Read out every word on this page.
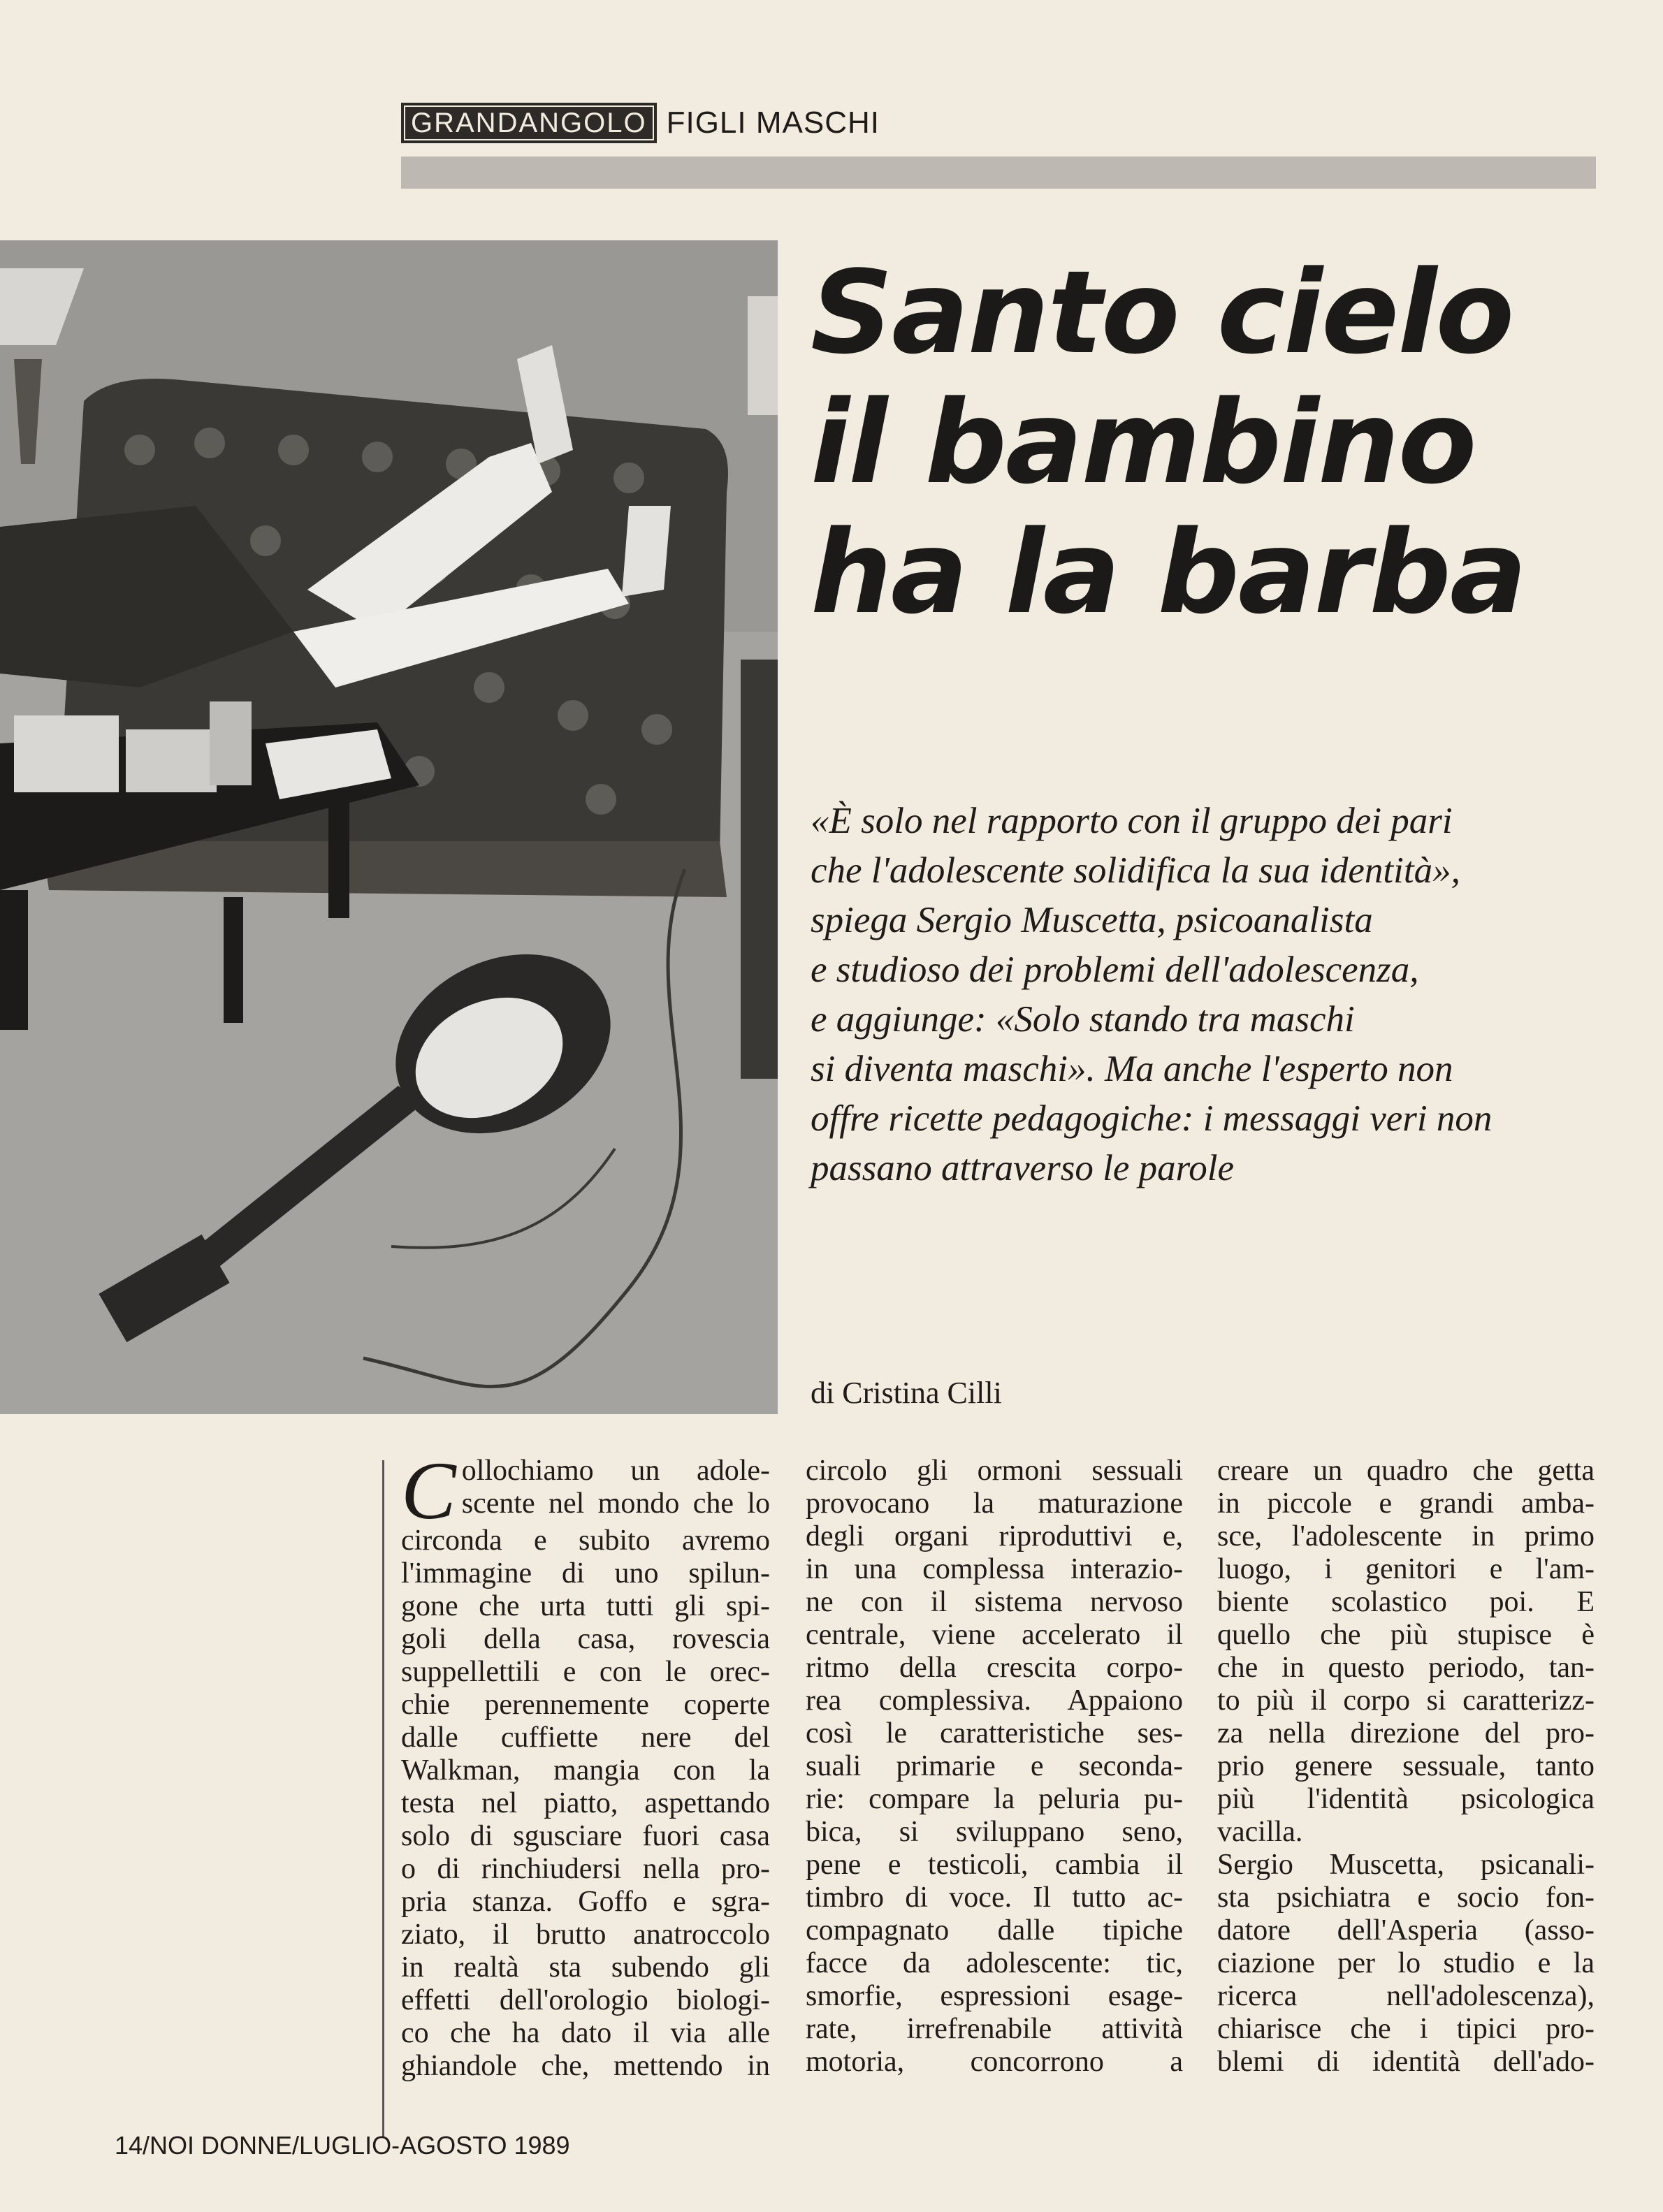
GRANDANGOLO FIGLI MASCHI
Santo cielo
il bambino
ha la barba
«È solo nel rapporto con il gruppo dei pari
che l'adolescente solidifica la sua identità»,
spiega Sergio Muscetta, psicoanalista
e studioso dei problemi dell'adolescenza,
e aggiunge: «Solo stando tra maschi
si diventa maschi». Ma anche l'esperto non
offre ricette pedagogiche: i messaggi veri non
passano attraverso le parole
di Cristina Cilli
C ollochiamo un adole-
scente nel mondo che lo
circonda e subito avremo
l'immagine di uno spilun-
gone che urta tutti gli spi-
goli della casa, rovescia
suppellettili e con le orec-
chie perennemente coperte
dalle cuffiette nere del
Walkman, mangia con la
testa nel piatto, aspettando
solo di sgusciare fuori casa
o di rinchiudersi nella pro-
pria stanza. Goffo e sgra-
ziato, il brutto anatroccolo
in realtà sta subendo gli
effetti dell'orologio biologi-
co che ha dato il via alle
ghiandole che, mettendo in
circolo gli ormoni sessuali
provocano la maturazione
degli organi riproduttivi e,
in una complessa interazio-
ne con il sistema nervoso
centrale, viene accelerato il
ritmo della crescita corpo-
rea complessiva. Appaiono
così le caratteristiche ses-
suali primarie e seconda-
rie: compare la peluria pu-
bica, si sviluppano seno,
pene e testicoli, cambia il
timbro di voce. Il tutto ac-
compagnato dalle tipiche
facce da adolescente: tic,
smorfie, espressioni esage-
rate, irrefrenabile attività
motoria, concorrono a
creare un quadro che getta
in piccole e grandi amba-
sce, l'adolescente in primo
luogo, i genitori e l'am-
biente scolastico poi. E
quello che più stupisce è
che in questo periodo, tan-
to più il corpo si caratterizz-
za nella direzione del pro-
prio genere sessuale, tanto
più l'identità psicologica
vacilla.
Sergio Muscetta, psicanali-
sta psichiatra e socio fon-
datore dell'Asperia (asso-
ciazione per lo studio e la
ricerca nell'adolescenza),
chiarisce che i tipici pro-
blemi di identità dell'ado-
14/NOI DONNE/LUGLIO-AGOSTO 1989
